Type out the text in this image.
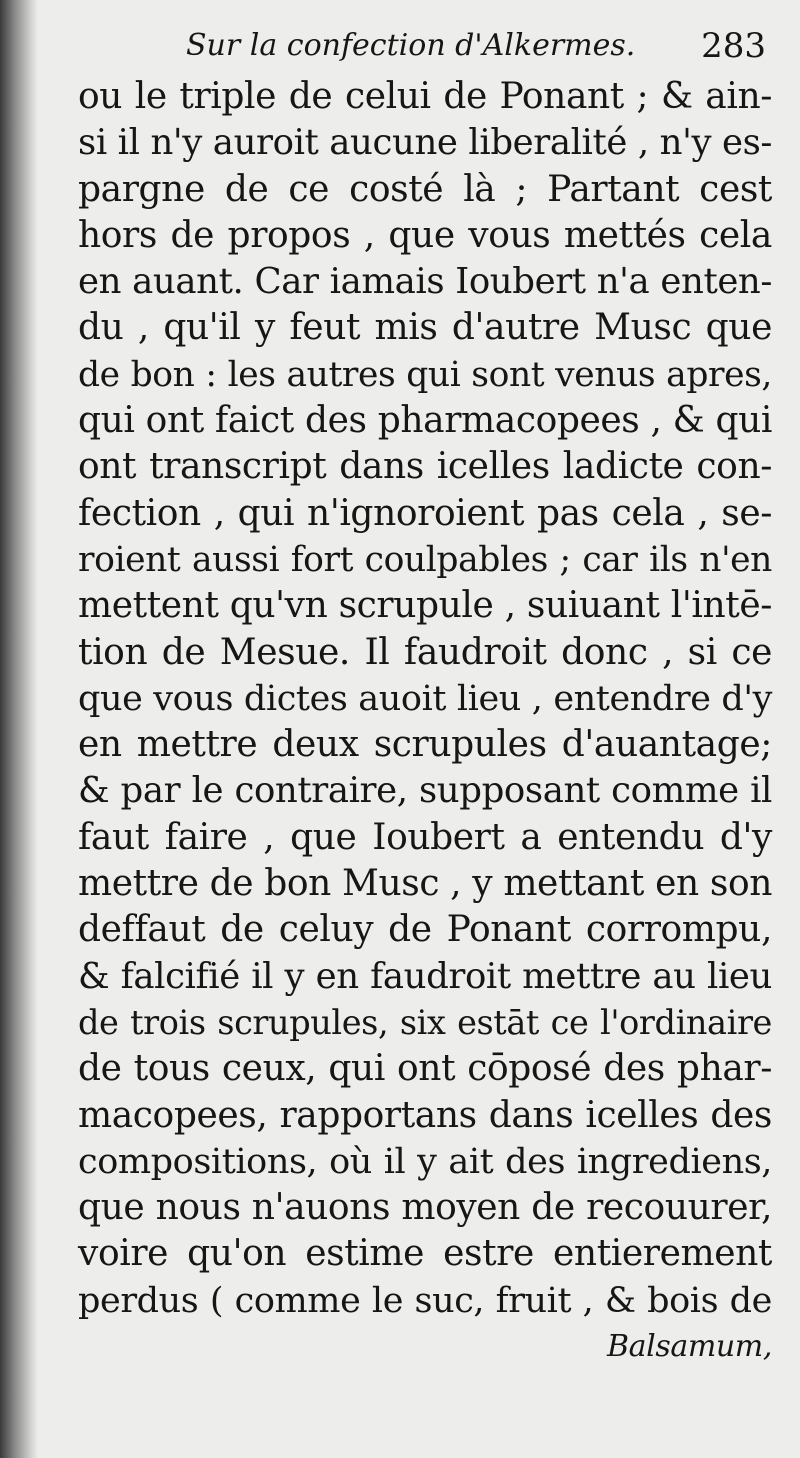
Sur la confection d'Alkermes. 283
ou le triple de celui de Ponant ; & ain-
si il n'y auroit aucune liberalité , n'y es-
pargne de ce costé là ; Partant cest
hors de propos , que vous mettés cela
en auant. Car iamais Ioubert n'a enten-
du , qu'il y feut mis d'autre Musc que
de bon : les autres qui sont venus apres,
qui ont faict des pharmacopees , & qui
ont transcript dans icelles ladicte con-
fection , qui n'ignoroient pas cela , se-
roient aussi fort coulpables ; car ils n'en
mettent qu'vn scrupule , suiuant l'intē-
tion de Mesue. Il faudroit donc , si ce
que vous dictes auoit lieu , entendre d'y
en mettre deux scrupules d'auantage;
& par le contraire, supposant comme il
faut faire , que Ioubert a entendu d'y
mettre de bon Musc , y mettant en son
deffaut de celuy de Ponant corrompu,
& falcifié il y en faudroit mettre au lieu
de trois scrupules, six estāt ce l'ordinaire
de tous ceux, qui ont cōposé des phar-
macopees, rapportans dans icelles des
compositions, où il y ait des ingrediens,
que nous n'auons moyen de recouurer,
voire qu'on estime estre entierement
perdus ( comme le suc, fruit , & bois de
Balsamum,
